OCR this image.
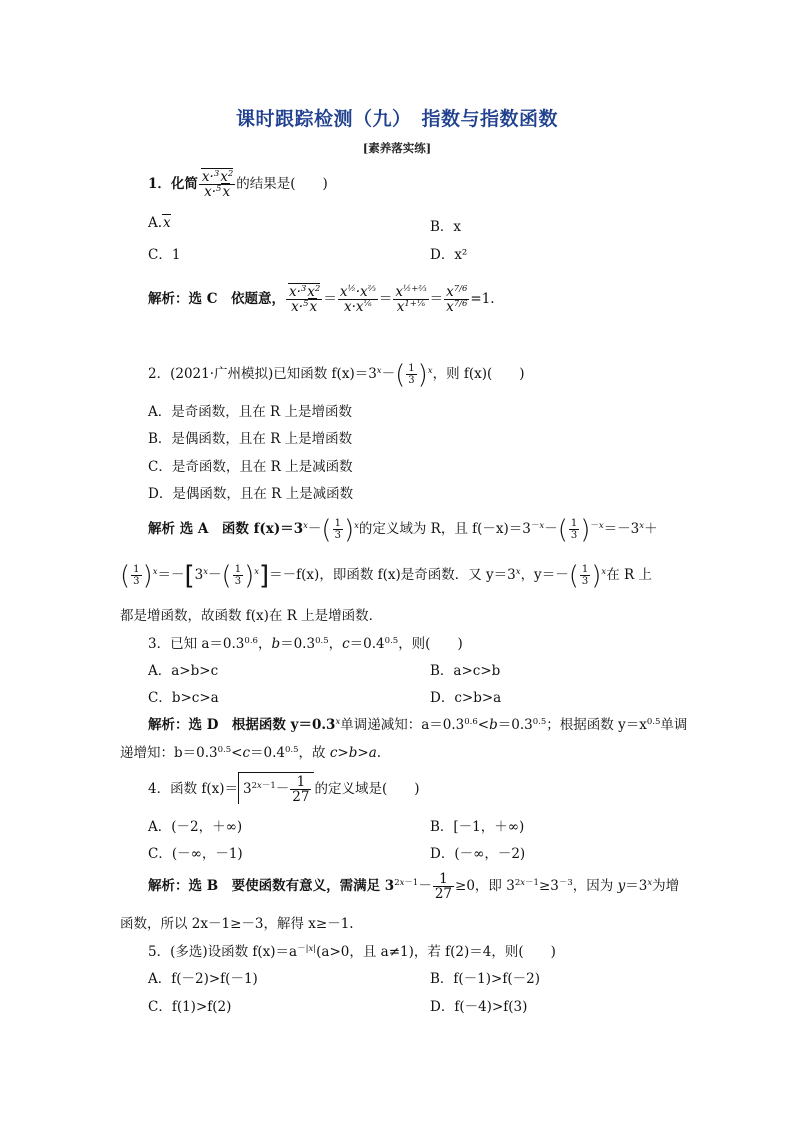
课时跟踪检测（九）　指数与指数函数
[素养落实练]
1．化简 $\frac{x\cdot^3x^2}{x\cdot^5x}$ 的结果是(　　)
A.x	B．x
C．1	D．x²
解析：选 C　依题意， $\frac{x\cdot^3x^2}{x\cdot^5x} = \frac{x^{\frac{1}{2}}\cdot x^{\frac{2}{3}}}{x\cdot x^{\frac{1}{6}}} = \frac{x^{\frac{1}{2}+\frac{2}{3}}}{x^{1+\frac{1}{6}}} = \frac{x^{7/6}}{x^{7/6}} =1$.
2．(2021·广州模拟)已知函数 $f(x)=3^x-( \frac{1}{3} )^x$，则 f(x)(　　)
A．是奇函数，且在 R 上是增函数
B．是偶函数，且在 R 上是增函数
C．是奇函数，且在 R 上是减函数
D．是偶函数，且在 R 上是减函数
解析 选 A　函数 $f(x)=3^x-( \frac{1}{3} )^x$的定义域为 R，且 $f(-x)=3^{-x}-( \frac{1}{3} )^{-x}=-3^x+$
( $\frac{1}{3} )^x=-[3^x-( \frac{1}{3} )^x]=-f(x)$，即函数 f(x)是奇函数．又 $y=3^x$，$y=-( \frac{1}{3} )^x$在 R 上
都是增函数，故函数 f(x)在 R 上是增函数．
3．已知 $a=0.3^{0.6}$，$b=0.3^{0.5}$，$c=0.4^{0.5}$，则(　　)
A．a>b>c	B．a>c>b
C．b>c>a	D．c>b>a
解析：选 D　根据函数 $y=0.3^x$单调递减知：$a=0.3^{0.6}<b=0.3^{0.5}$；根据函数 $y=x^{0.5}$单调
递增知：$b=0.3^{0.5}<c=0.4^{0.5}$，故 c>b>a.
4．函数 $f(x)= 3^{2x-1}- \frac{1}{27}$ 的定义域是(　　)
A．(－2，＋∞)	B．[－1，＋∞)
C．(－∞，－1)	D．(－∞，－2)
解析：选 B　要使函数有意义，需满足 $3^{2x-1}- \frac{1}{27} \ge 0$，即 $3^{2x-1}\ge 3^{-3}$，因为 $y=3^x$为增
函数，所以 2x－1≥－3，解得 x≥－1.
5．(多选)设函数 $f(x)=a^{-|x|}(a>0$，且 a≠1)，若 f(2)＝4，则(　　)
A．f(－2)>f(－1)	B．f(－1)>f(－2)
C．f(1)>f(2)	D．f(－4)>f(3)
